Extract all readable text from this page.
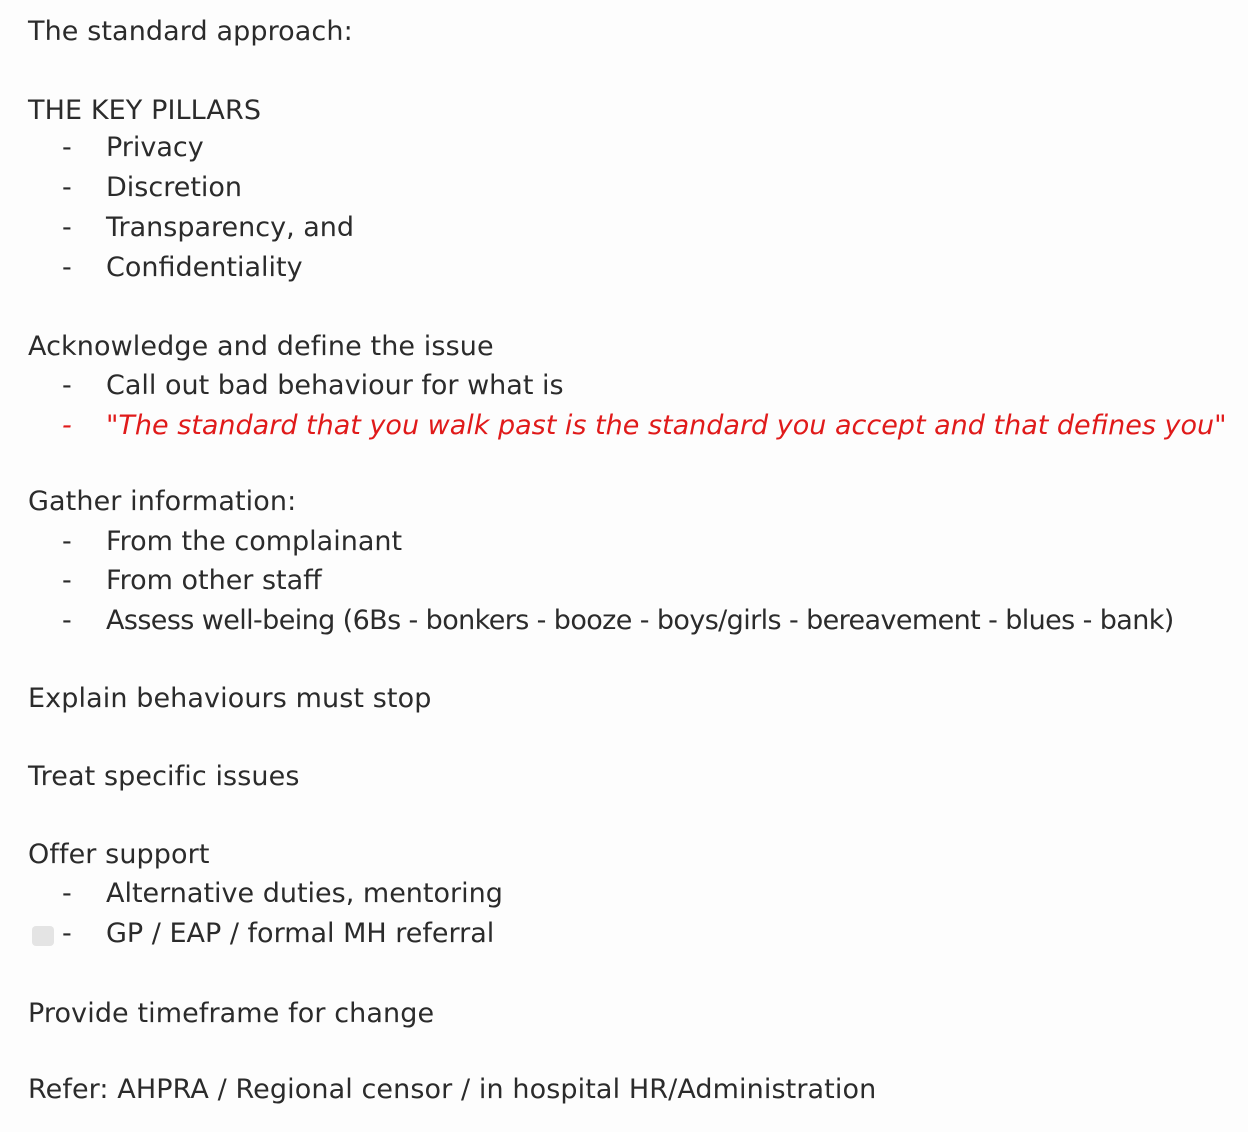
The standard approach:
THE KEY PILLARS
- Privacy
- Discretion
- Transparency, and
- Confidentiality
Acknowledge and define the issue
- Call out bad behaviour for what is
- "The standard that you walk past is the standard you accept and that defines you"
Gather information:
- From the complainant
- From other staff
- Assess well-being (6Bs - bonkers - booze - boys/girls - bereavement - blues - bank)
Explain behaviours must stop
Treat specific issues
Offer support
- Alternative duties, mentoring
- GP / EAP / formal MH referral
Provide timeframe for change
Refer: AHPRA / Regional censor / in hospital HR/Administration
